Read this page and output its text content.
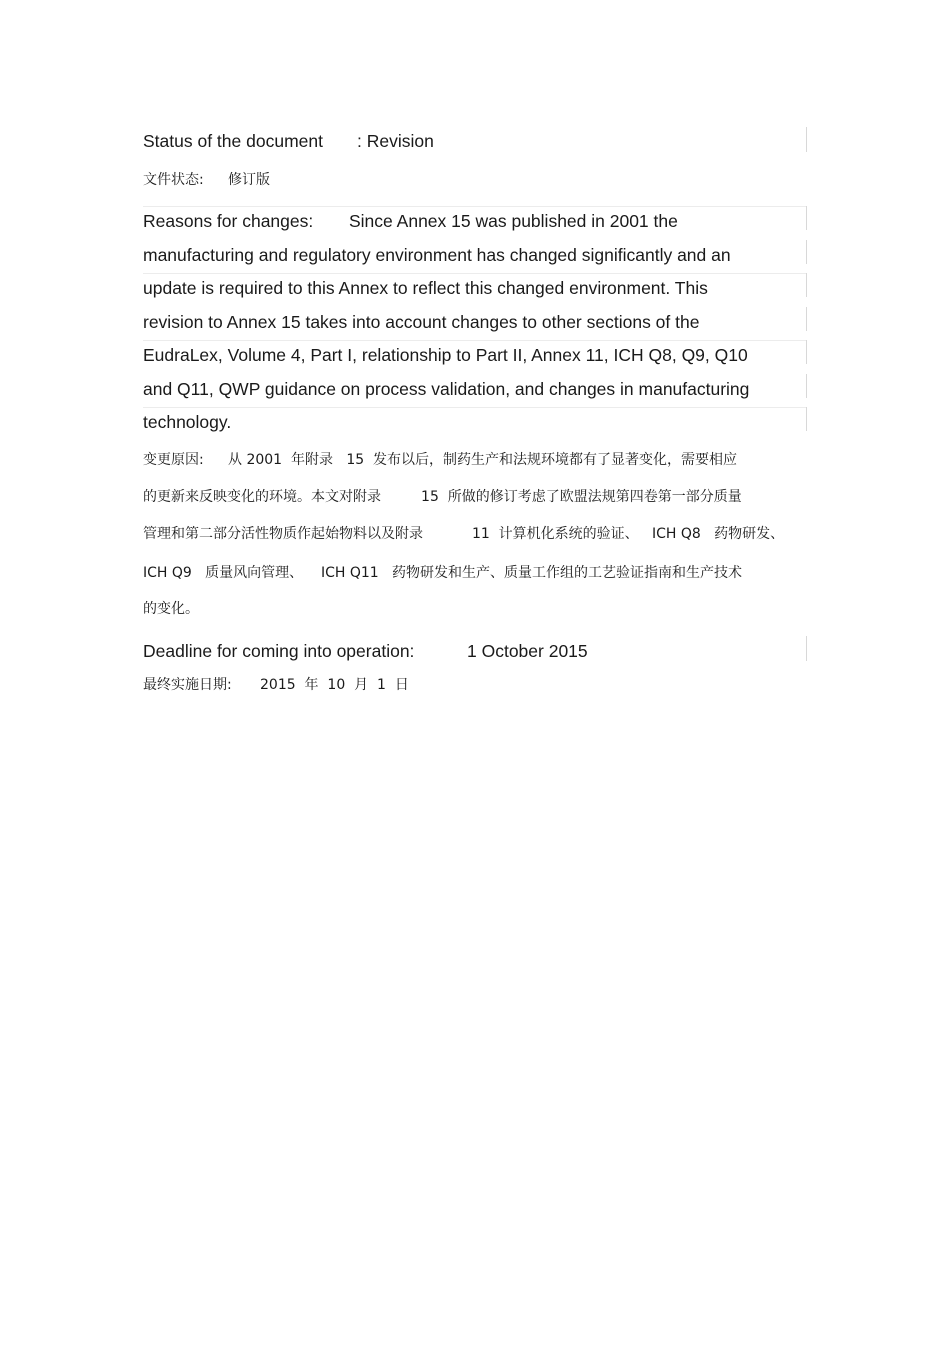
Status of the document : Revision
文件状态: 修订版
Reasons for changes: Since Annex 15 was published in 2001 the
manufacturing and regulatory environment has changed significantly and an
update is required to this Annex to reflect this changed environment. This
revision to Annex 15 takes into account changes to other sections of the
EudraLex, Volume 4, Part I, relationship to Part II, Annex 11, ICH Q8, Q9, Q10
and Q11, QWP guidance on process validation, and changes in manufacturing
technology.
变更原因: 从 2001  年附录   15  发布以后，制药生产和法规环境都有了显著变化，需要相应
的更新来反映变化的环境。本文对附录         15  所做的修订考虑了欧盟法规第四卷第一部分质量
管理和第二部分活性物质作起始物料以及附录           11  计算机化系统的验证、   ICH Q8   药物研发、
ICH Q9   质量风向管理、    ICH Q11   药物研发和生产、质量工作组的工艺验证指南和生产技术
的变化。
Deadline for coming into operation:	1 October 2015
最终实施日期: 2015  年  10  月  1  日
